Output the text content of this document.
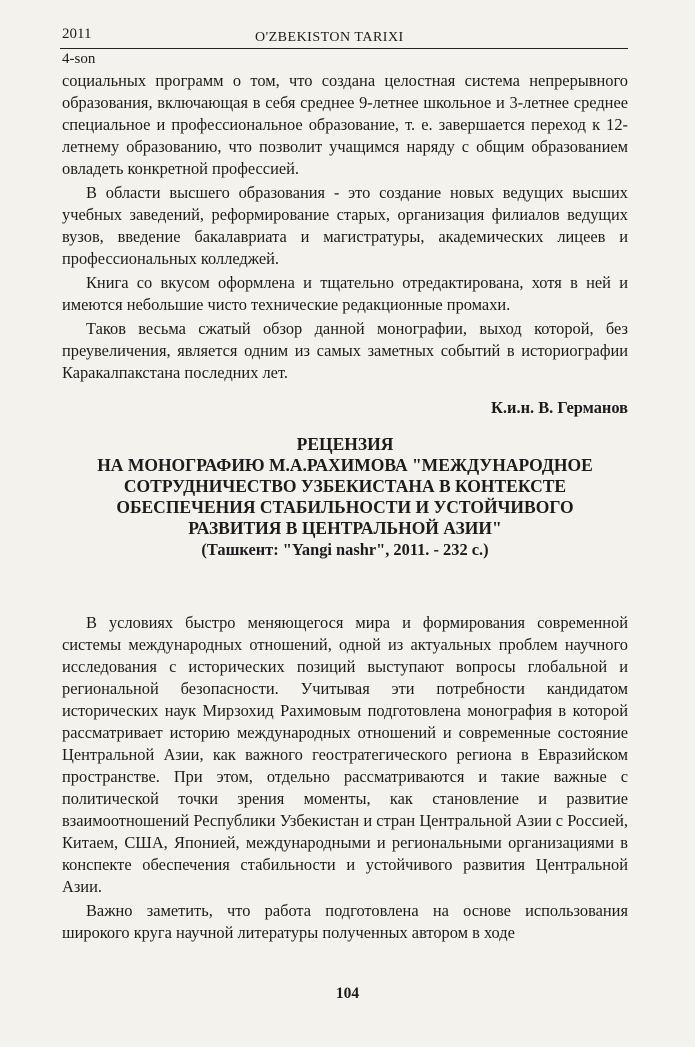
2011	O'ZBEKISTON TARIXI
4-son

социальных программ о том, что создана целостная система непрерывного образования, включающая в себя среднее 9-летнее школьное и 3-летнее среднее специальное и профессиональное образование, т. е. завершается переход к 12-летнему образованию, что позволит учащимся наряду с общим образованием овладеть конкретной профессией.

В области высшего образования - это создание новых ведущих высших учебных заведений, реформирование старых, организация филиалов ведущих вузов, введение бакалавриата и магистратуры, академических лицеев и профессиональных колледжей.

Книга со вкусом оформлена и тщательно отредактирована, хотя в ней и имеются небольшие чисто технические редакционные промахи.

Таков весьма сжатый обзор данной монографии, выход которой, без преувеличения, является одним из самых заметных событий в историографии Каракалпакстана последних лет.

К.и.н. В. Германов
РЕЦЕНЗИЯ
НА МОНОГРАФИЮ М.А.РАХИМОВА "МЕЖДУНАРОДНОЕ
СОТРУДНИЧЕСТВО УЗБЕКИСТАНА В КОНТЕКСТЕ
ОБЕСПЕЧЕНИЯ СТАБИЛЬНОСТИ И УСТОЙЧИВОГО
РАЗВИТИЯ В ЦЕНТРАЛЬНОЙ АЗИИ"
(Ташкент: "Yangi nashr", 2011. - 232 с.)

В условиях быстро меняющегося мира и формирования современной системы международных отношений, одной из актуальных проблем научного исследования с исторических позиций выступают вопросы глобальной и региональной безопасности. Учитывая эти потребности кандидатом исторических наук Мирзохид Рахимовым подготовлена монография в которой рассматривает историю международных отношений и современные состояние Центральной Азии, как важного геостратегического региона в Евразийском пространстве. При этом, отдельно рассматриваются и такие важные с политической точки зрения моменты, как становление и развитие взаимоотношений Республики Узбекистан и стран Центральной Азии с Россией, Китаем, США, Японией, международными и региональными организациями в конспекте обеспечения стабильности и устойчивого развития Центральной Азии.

Важно заметить, что работа подготовлена на основе использования широкого круга научной литературы полученных автором в ходе

104
